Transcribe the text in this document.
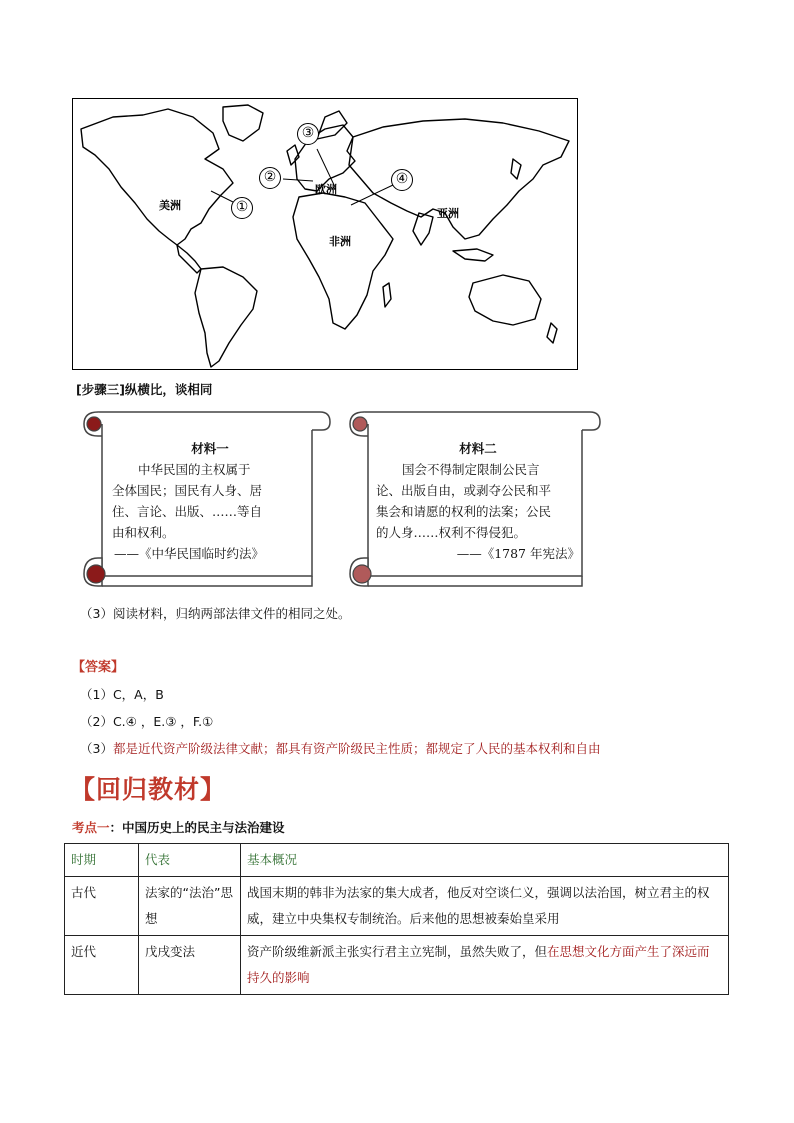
美洲
欧洲
非洲
亚洲
①
②
③
④
[步骤三]纵横比，谈相同
材料一
中华民国的主权属于
全体国民；国民有人身、居
住、言论、出版、……等自
由和权利。
——《中华民国临时约法》
材料二
国会不得制定限制公民言
论、出版自由，或剥夺公民和平
集会和请愿的权利的法案；公民
的人身……权利不得侵犯。
——《1787 年宪法》
（3）阅读材料，归纳两部法律文件的相同之处。
【答案】
（1）C，A，B
（2）C.④ ，E.③ ，F.①
（3）都是近代资产阶级法律文献；都具有资产阶级民主性质；都规定了人民的基本权利和自由
【回归教材】
考点一：中国历史上的民主与法治建设
时期	代表	基本概况
古代	法家的“法治”思想	战国末期的韩非为法家的集大成者，他反对空谈仁义，强调以法治国，树立君主的权威，建立中央集权专制统治。后来他的思想被秦始皇采用
近代	戊戌变法	资产阶级维新派主张实行君主立宪制，虽然失败了，但在思想文化方面产生了深远而持久的影响
